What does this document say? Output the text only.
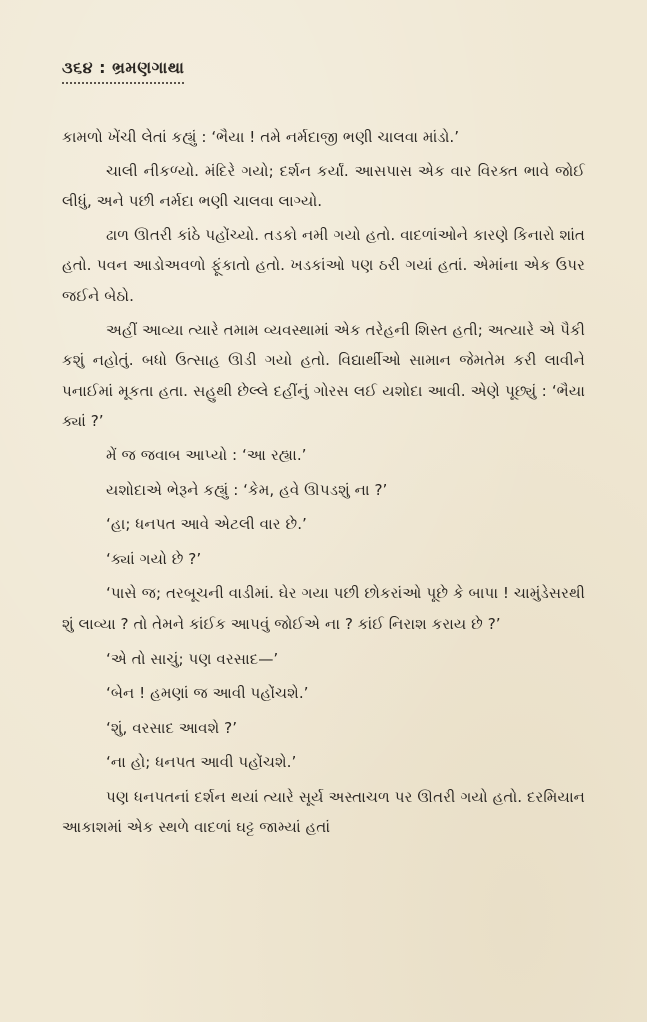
૩૬૪ : ભ્રમણગાથા

કામળો ખેંચી લેતાં કહ્યું : ‘ભૈયા ! તમે નર્મદાજી ભણી ચાલવા માંડો.’

ચાલી નીકળ્યો. મંદિરે ગયો; દર્શન કર્યાં. આસપાસ એક વાર વિરક્ત ભાવે જોઈ લીધું, અને પછી નર્મદા ભણી ચાલવા લાગ્યો.

ઢાળ ઊતરી કાંઠે પહોંચ્યો. તડકો નમી ગયો હતો. વાદળાંઓને કારણે કિનારો શાંત હતો. પવન આડોઅવળો ફૂંકાતો હતો. ખડકાંઓ પણ ઠરી ગયાં હતાં. એમાંના એક ઉપર જઈને બેઠો.

અહીં આવ્યા ત્યારે તમામ વ્યવસ્થામાં એક તરેહની શિસ્ત હતી; અત્યારે એ પૈકી કશું નહોતું. બધો ઉત્સાહ ઊડી ગયો હતો. વિદ્યાર્થીઓ સામાન જેમતેમ કરી લાવીને પનાઈમાં મૂકતા હતા. સહુથી છેલ્લે દહીંનું ગોરસ લઈ યશોદા આવી. એણે પૂછ્યું : ‘ભૈયા ક્યાં ?’

મેં જ જવાબ આપ્યો : ‘આ રહ્યા.’

યશોદાએ ભેરૂને કહ્યું : ‘કેમ, હવે ઊપડશું ના ?’

‘હા; ધનપત આવે એટલી વાર છે.’

‘ક્યાં ગયો છે ?’

‘પાસે જ; તરબૂચની વાડીમાં. ઘેર ગયા પછી છોકરાંઓ પૂછે કે બાપા ! ચામુંડેસરથી શું લાવ્યા ? તો તેમને કાંઈક આપવું જોઈએ ના ? કાંઈ નિરાશ કરાય છે ?’

‘એ તો સાચું; પણ વરસાદ—’

‘બેન ! હમણાં જ આવી પહોંચશે.’

‘શું, વરસાદ આવશે ?’

‘ના હો; ધનપત આવી પહોંચશે.’

પણ ધનપતનાં દર્શન થયાં ત્યારે સૂર્ય અસ્તાચળ પર ઊતરી ગયો હતો. દરમિયાન આકાશમાં એક સ્થળે વાદળાં ઘટ્ટ જામ્યાં હતાં
